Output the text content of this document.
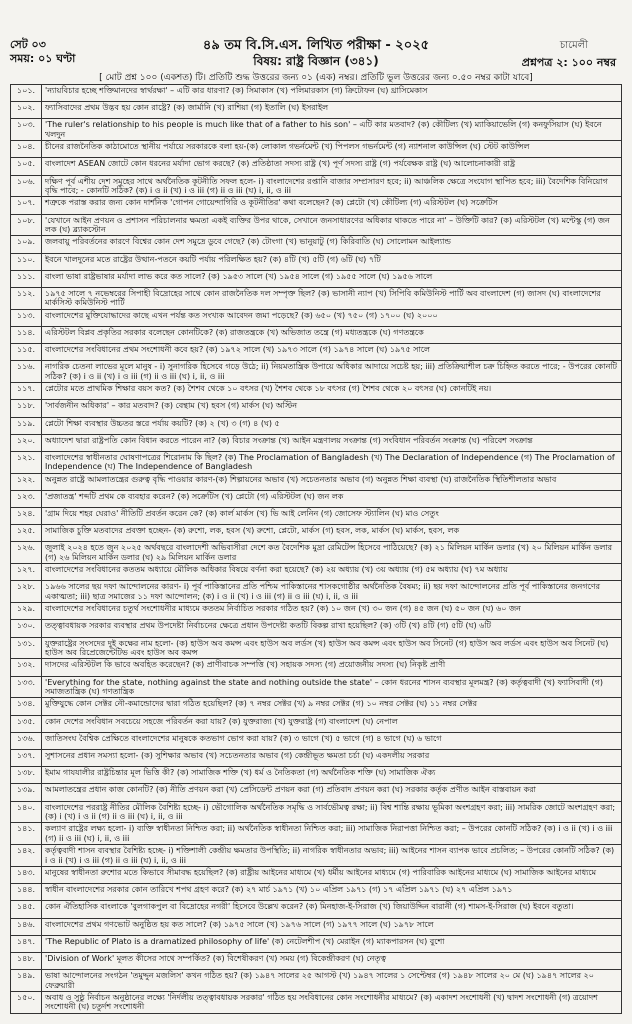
সেট ০৩
সময়: ০১ ঘণ্টা
৪৯ তম বি.সি.এস. লিখিত পরীক্ষা - ২০২৫
বিষয়: রাষ্ট্র বিজ্ঞান (৩৪১)
চামেলী
প্রশ্নপত্র ২: ১০০ নম্বর
[ মোট প্রশ্ন ১০০ (একশত) টি। প্রতিটি শুদ্ধ উত্তরের জন্য ০১ (এক) নম্বর। প্রতিটি ভুল উত্তরের জন্য ০.৫০ নম্বর কাটা যাবে]
১০১.	'ন্যায়বিচার হচ্ছে শক্তিমানদের স্বার্থরক্ষা' – এটি কার ধারণা? (ক) সিমাকাস (খ) পলিমারকাস (গ) ক্রিটোফন (ঘ) থ্রাসিমেকাস
১০২.	ফ্যাসিবাদের প্রথম উদ্ভব হয় কোন রাষ্ট্রে? (ক) জার্মানি (খ) রাশিয়া (গ) ইতালি (ঘ) ইসরাইল
১০৩.	'The ruler's relationship to his people is much like that of a father to his son' – এটি কার মতবাদ? (ক) কৌটিল্য (খ) ম্যাকিয়াভেলি (গ) কনফুসিয়াস (ঘ) ইবনে খলদুন
১০৪.	চীনের রাজনৈতিক কাঠামোতে স্থানীয় পর্যায়ে সরকারকে বলা হয়-(ক) লোকাল গভর্নমেন্ট (খ) পিপলস গভর্নমেন্ট (গ) ন্যাশনাল কাউন্সিল (ঘ) স্টেট কাউন্সিল
১০৫.	বাংলাদেশ ASEAN জোটে কোন ধরনের মর্যাদা ভোগ করছে? (ক) প্রতিষ্ঠাতা সদস্য রাষ্ট্র (খ) পূর্ণ সদস্য রাষ্ট্র (গ) পর্যবেক্ষক রাষ্ট্র (ঘ) আলোচনাকারী রাষ্ট্র
১০৬.	দক্ষিণ পূর্ব এশীয় দেশ সমূহের সাথে অর্থনৈতিক কূটনীতি সফল হলে- i) বাংলাদেশের রপ্তানি বাজার সম্প্রসারণ হবে; ii) আঞ্চলিক ক্ষেত্রে সংযোগ স্থাপিত হবে; iii) বৈদেশিক বিনিয়োগ বৃদ্ধি পাবে; - কোনটি সঠিক? (ক) i ও ii (খ) i ও iii (গ) ii ও iii (ঘ) i, ii, ও iii
১০৭.	শত্রুকে পরাস্ত করার জন্য কোন দার্শনিক 'গোপন গোয়েন্দাগিরি ও কূটনীতির' কথা বলেছেন? (ক) প্লেটো (খ) কৌটিল্য (গ) এরিস্টটল (ঘ) সক্রেটিস
১০৮.	'যেখানে আইন প্রণয়ন ও প্রশাসন পরিচালনার ক্ষমতা একই ব্যক্তির উপর থাকে, সেখানে জনসাধারণের অধিকার থাকতে পারে না' – উক্তিটি কার? (ক) এরিস্টটল (খ) মন্টেস্কু (গ) জন লক (ঘ) ব্ল্যাকস্টোন
১০৯.	জলবায়ু পরিবর্তনের কারণে বিশ্বের কোন দেশ সমুদ্রে ডুবে গেছে? (ক) টোংগা (খ) ভানুয়াটু (গ) কিরিবাতি (ঘ) সোলোমন আইল্যান্ড
১১০.	ইবনে খালদুনের মতে রাষ্ট্রের উত্থান-পতনে কয়টি পর্যায় পরিলক্ষিত হয়? (ক) ৪টি (খ) ৫টি (গ) ৬টি (ঘ) ৭টি
১১১.	বাংলা ভাষা রাষ্ট্রভাষার মর্যাদা লাভ করে কত সালে? (ক) ১৯৫৩ সালে (খ) ১৯৫৪ সালে (গ) ১৯৫৫ সালে (ঘ) ১৯৫৬ সালে
১১২.	১৯৭৫ সালে ৭ নভেম্বরের সিপাহী বিদ্রোহের সাথে কোন রাজনৈতিক দল সম্পৃক্ত ছিল? (ক) ভাসানী ন্যাপ (খ) সিপিবি কমিউনিস্ট পার্টি অব বাংলাদেশ (গ) জাসদ (ঘ) বাংলাদেশের মার্কসিস্ট কমিউনিস্ট পার্টি
১১৩.	বাংলাদেশের মুক্তিযোদ্ধাদের কাছে এখন পর্যন্ত কত সংখ্যক আবেদন জমা পড়েছে? (ক) ৬৫০ (খ) ৭৫০ (গ) ১৭০০ (ঘ) ২০০০
১১৪.	এরিস্টটল বিপ্লব প্রকৃতির সরকার বলেছেন কোনটিকে? (ক) রাজতন্ত্রকে (খ) অভিজাত তন্ত্রে (গ) মধ্যতন্ত্রকে (ঘ) গণতন্ত্রকে
১১৫.	বাংলাদেশের সংবিধানের প্রথম সংশোধনী কবে হয়? (ক) ১৯৭২ সালে (খ) ১৯৭৩ সালে (গ) ১৯৭৪ সালে (ঘ) ১৯৭৫ সালে
১১৬.	নাগরিক চেতনা লাভের মূলে মানুষ - i) সুনাগরিক হিসেবে গড়ে উঠে; ii) নিয়মতান্ত্রিক উপায়ে অধিকার আদায়ে সচেষ্ট হয়; iii) প্রতিক্রিয়াশীল চক্র চিহ্নিত করতে পারে; - উপরের কোনটি সঠিক? (ক) i ও ii (খ) i ও iii (গ) ii ও iii (ঘ) i, ii, ও iii
১১৭.	প্লেটোর মতে প্রাথমিক শিক্ষার বয়স কত? (ক) শৈশব থেকে ১০ বৎসর (খ) শৈশব থেকে ১৮ বৎসর (গ) শৈশব থেকে ২০ বৎসর (ঘ) কোনটিই নয়।
১১৮.	'সার্বজনীন অধিকার' – কার মতবাদ? (ক) বেন্থাম (খ) হবস (গ) মার্কস (ঘ) অস্টিন
১১৯.	প্লেটো শিক্ষা ব্যবস্থার উচ্চতর স্তরে পর্যায় কয়টি? (ক) ২ (খ) ৩ (গ) ৪ (ঘ) ৫
১২০.	অধ্যাদেশ দ্বারা রাষ্ট্রপতি কোন বিধান করতে পারেন না? (ক) বিচার সংক্রান্ত (খ) আইন মন্ত্রণালয় সংক্রান্ত (গ) সংবিধান পরিবর্তন সংক্রান্ত (ঘ) পরিবেশ সংক্রান্ত
১২১.	বাংলাদেশের স্বাধীনতার ঘোষণাপত্রের শিরোনাম কি ছিল? (ক) The Proclamation of Bangladesh (খ) The Declaration of Independence (গ) The Proclamation of Independence (ঘ) The Independence of Bangladesh
১২২.	অনুন্নত রাষ্ট্রে আমলাতন্ত্রের গুরুত্ব বৃদ্ধি পাওয়ার কারণ-(ক) শিল্পায়নের অভাব (খ) সচেতনতার অভাব (গ) অনুন্নত শিক্ষা ব্যবস্থা (ঘ) রাজনৈতিক স্থিতিশীলতার অভাব
১২৩.	'প্রজাতন্ত্র' শব্দটি প্রথম কে ব্যবহার করেন? (ক) সক্রেটিস (খ) প্লেটো (গ) এরিস্টটল (ঘ) জন লক
১২৪.	'গ্রাম দিয়ে শহর ঘেরাও' নীতিটি প্রবর্তন করেন কে? (ক) কার্ল মার্কস (খ) ভি আই লেনিন (গ) জোসেফ স্ট্যালিন (ঘ) মাও সেতুং
১২৫.	সামাজিক চুক্তি মতবাদের প্রবক্তা হচ্ছেন- (ক) রুশো, লক, হবস (খ) রুশো, প্লেটো, মার্কস (গ) হবস, লক, মার্কস (ঘ) মার্কস, হবস, লক
১২৬.	জুলাই ২০২৪ হতে জুন ২০২৫ অর্থবছরে বাংলাদেশী অভিবাসীরা দেশে কত বৈদেশিক মুদ্রা রেমিটেন্স হিসেবে পাঠিয়েছে? (ক) ২১ মিলিয়ন মার্কিন ডলার (খ) ২০ মিলিয়ন মার্কিন ডলার (গ) ২৬ মিলিয়ন মার্কিন ডলার (ঘ) ২৯ মিলিয়ন মার্কিন ডলার
১২৭.	বাংলাদেশের সংবিধানের কততম অধ্যায়ে মৌলিক অধিকার বিষয়ে বর্ণনা করা হয়েছে? (ক) ২য় অধ্যায় (খ) ৩য় অধ্যায় (গ) ৫ম অধ্যায় (ঘ) ৭ম অধ্যায়
১২৮.	১৯৬৬ সালের ছয় দফা আন্দোলনের কারণ- i) পূর্ব পাকিস্তানের প্রতি পশ্চিম পাকিস্তানের শাসকগোষ্ঠীর অর্থনৈতিক বৈষম্য; ii) ছয় দফা আন্দোলনের প্রতি পূর্ব পাকিস্তানের জনগণের একাত্মতা; iii) ছাত্র সমাজের ১১ দফা আন্দোলন; (ক) i ও ii (খ) i ও iii (গ) ii ও iii (ঘ) i, ii, ও iii
১২৯.	বাংলাদেশের সংবিধানের চতুর্থ সংশোধনীর মাধ্যমে কততম নির্বাচিত সরকার গঠিত হয়? (ক) ১০ জন (খ) ৩০ জন (গ) ৪৫ জন (ঘ) ৫০ জন (ঘ) ৬০ জন
১৩০.	তত্ত্বাবধায়ক সরকার ব্যবস্থার প্রথম উপদেষ্টা নির্বাচনের ক্ষেত্রে প্রধান উপদেষ্টা কতটি বিকল্প রাখা হয়েছিল? (ক) ৩টি (খ) ৪টি (গ) ৫টি (ঘ) ৬টি
১৩১.	যুক্তরাষ্ট্রের সংসদের দুই কক্ষের নাম হলো- (ক) হাউস অব কমন্স এবং হাউস অব লর্ডস (খ) হাউস অব কমন্স এবং হাউস অব সিনেট (গ) হাউস অব লর্ডস এবং হাউস অব সিনেট (ঘ) হাউস অব রিপ্রেজেন্টেটিভ এবং হাউস অব কমন্স
১৩২.	দাসদের এরিস্টটল কি ভাবে অবহিত করেছেন? (ক) প্রাণীবাচক সম্পত্তি (খ) সহায়ক সদস্য (গ) প্রয়োজনীয় সদস্য (ঘ) নিকৃষ্ট প্রাণী
১৩৩.	'Everything for the state, nothing against the state and nothing outside the state' – কোন ধরনের শাসন ব্যবস্থার মূলমন্ত্র? (ক) কর্তৃত্ববাদী (খ) ফ্যাসিবাদী (গ) সমাজতান্ত্রিক (ঘ) গণতান্ত্রিক
১৩৪.	মুক্তিযুদ্ধে কোন সেক্টর নৌ-কমান্ডোদের দ্বারা গঠিত হয়েছিল? (ক) ৭ নম্বর সেক্টর (খ) ৯ নম্বর সেক্টর (গ) ১০ নম্বর সেক্টর (ঘ) ১১ নম্বর সেক্টর
১৩৫.	কোন দেশের সংবিধান সবচেয়ে সহজে পরিবর্তন করা যায়? (ক) যুক্তরাজ্য (খ) যুক্তরাষ্ট্র (গ) বাংলাদেশ (ঘ) নেপাল
১৩৬.	জাতিসংঘ বৈশ্বিক প্রেক্ষিতে বাংলাদেশের মানুষকে কতভাগ ভোগ করা যায়? (ক) ৩ ভাগে (খ) ৫ ভাগে (গ) ৪ ভাগে (ঘ) ৬ ভাগে
১৩৭.	সুশাসনের প্রধান সমস্যা হলো- (ক) সুশিক্ষার অভাব (খ) সচেতনতার অভাব (গ) কেন্দ্রীভূত ক্ষমতা চর্চা (ঘ) একদলীয় সরকার
১৩৮.	ইমাম গাযযালীর রাষ্ট্রচিন্তার মূল ভিত্তি কী? (ক) সামাজিক শক্তি (খ) ধর্ম ও নৈতিকতা (গ) অর্থনৈতিক শক্তি (ঘ) সামাজিক ঐক্য
১৩৯.	আমলাতন্ত্রের প্রধান কাজ কোনটি? (ক) নীতি প্রণয়ন করা (খ) প্রেসিডেন্ট প্রণয়ন করা (গ) প্রতিবাদ প্রণয়ন করা (ঘ) সরকার কর্তৃক প্রণীত আইন বাস্তবায়ন করা
১৪০.	বাংলাদেশের পররাষ্ট্র নীতির মৌলিক বৈশিষ্ট্য হচ্ছে- i) ভৌগোলিক অর্থনৈতিক সমৃদ্ধি ও সার্বভৌমত্ব রক্ষা; ii) বিশ্ব শান্তি রক্ষায় ভূমিকা অংশগ্রহণ করা; iii) সামরিক জোটে অংশগ্রহণ করা; (ক) i (খ) i ও ii (গ) ii ও iii (ঘ) i, ii, ও iii
১৪১.	কল্যাণ রাষ্ট্রের লক্ষ্য হলো- i) ব্যক্তি স্বাধীনতা নিশ্চিত করা; ii) অর্থনৈতিক স্বাধীনতা নিশ্চিত করা; iii) সামাজিক নিরাপত্তা নিশ্চিত করা; – উপরের কোনটি সঠিক? (ক) i ও ii (খ) i ও iii (গ) ii ও iii (ঘ) i, ii, ও iii
১৪২.	কর্তৃত্ববাদী শাসন ব্যবস্থার বৈশিষ্ট্য হচ্ছে- i) শক্তিশালী কেন্দ্রীয় ক্ষমতার উপস্থিতি; ii) নাগরিক স্বাধীনতার অভাব; iii) আইনের শাসন ব্যাপক ভাবে প্রচলিত; – উপরের কোনটি সঠিক? (ক) i ও ii (খ) i ও iii (গ) ii ও iii (ঘ) i, ii, ও iii
১৪৩.	মানুষের স্বাধীনতা রুশোর মতে কিভাবে সীমাবদ্ধ হয়েছিল? (ক) রাষ্ট্রীয় আইনের মাধ্যমে (খ) ধর্মীয় আইনের মাধ্যমে (গ) পারিবারিক আইনের মাধ্যমে (ঘ) সামাজিক আইনের মাধ্যমে
১৪৪.	স্বাধীন বাংলাদেশের সরকার কোন তারিখে শপথ গ্রহণ করে? (ক) ২৭ মার্চ ১৯৭১ (খ) ১০ এপ্রিল ১৯৭১ (গ) ১৭ এপ্রিল ১৯৭১ (ঘ) ২৭ এপ্রিল ১৯৭১
১৪৫.	কোন ঐতিহাসিক বাংলাকে 'বুলগাকপুল বা বিদ্রোহের নগরী' হিসেবে উল্লেখ করেন? (ক) মিনহাজ-ই-সিরাজ (খ) জিয়াউদ্দিন বারানী (গ) শামস-ই-সিরাজ (ঘ) ইবনে বতুতা।
১৪৬.	বাংলাদেশের প্রথম গণভোট অনুষ্ঠিত হয় কত সালে? (ক) ১৯৭৫ সালে (খ) ১৯৭৬ সালে (গ) ১৯৭৭ সালে (ঘ) ১৯৭৮ সালে
১৪৭.	'The Republic of Plato is a dramatized philosophy of life' (ক) নেটেলশীপ (খ) মেরাইন (গ) ম্যাকপারসন (ঘ) বুশো
১৪৮.	'Division of Work' মূলত কীসের সাথে সম্পর্কিত? (ক) বিশেষীকরণ (খ) সময় (গ) বিকেন্দ্রীকরণ (ঘ) নেতৃত্ব
১৪৯.	ভাষা আন্দোলনের সংগঠন 'তমুদ্দুন মজলিস' কখন গঠিত হয়? (ক) ১৯৪৭ সালের ২৫ আগস্ট (খ) ১৯৪৭ সালের ১ সেপ্টেম্বর (গ) ১৯৪৮ সালের ২০ মে (ঘ) ১৯৪৭ সালের ২০ ফেব্রুয়ারী
১৫০.	অবাধ ও সুষ্ঠু নির্বাচন অনুষ্ঠানের লক্ষ্যে 'নির্দলীয় তত্ত্বাবধায়ক সরকার' গঠিত হয় সংবিধানের কোন সংশোধনীর মাধ্যমে? (ক) একাদশ সংশোধনী (খ) দ্বাদশ সংশোধনী (গ) ত্রয়োদশ সংশোধনী (ঘ) চতুর্দশ সংশোধনী
